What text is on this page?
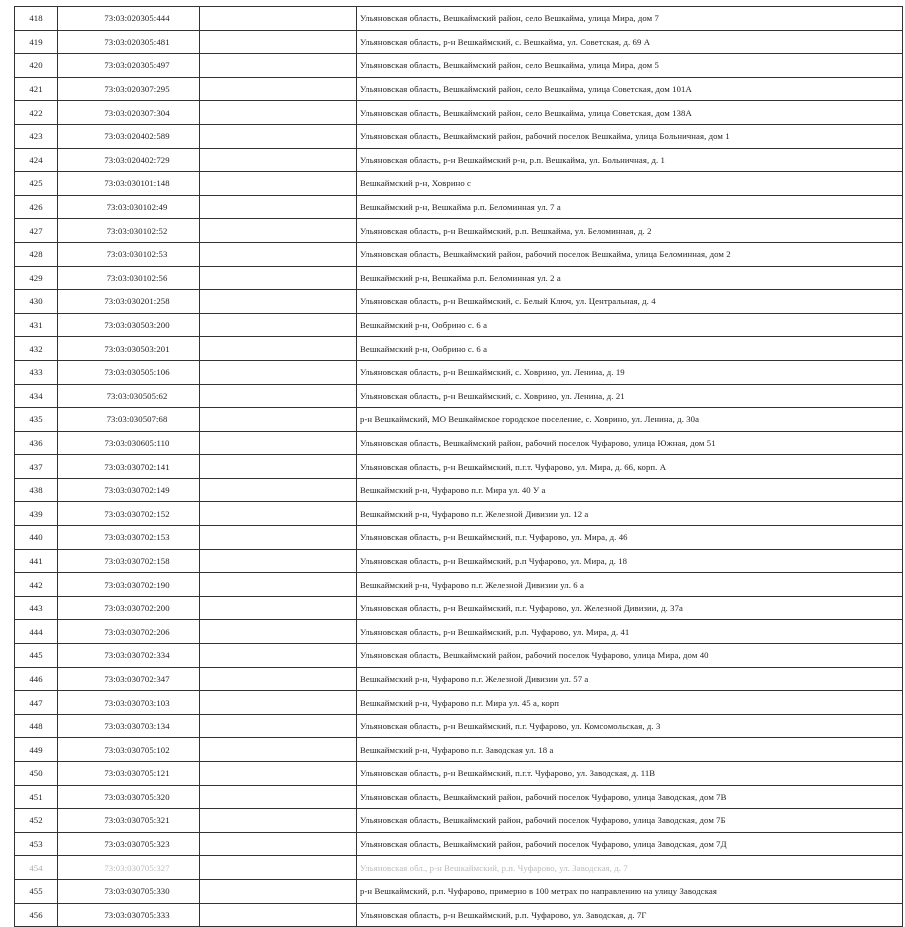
418	73:03:020305:444		Ульяновская область, Вешкаймский район, село Вешкайма, улица Мира, дом 7
419	73:03:020305:481		Ульяновская область, р-н Вешкаймский, с. Вешкайма, ул. Советская, д. 69 А
420	73:03:020305:497		Ульяновская область, Вешкаймский район, село Вешкайма, улица Мира, дом 5
421	73:03:020307:295		Ульяновская область, Вешкаймский район, село Вешкайма, улица Советская, дом 101А
422	73:03:020307:304		Ульяновская область, Вешкаймский район, село Вешкайма, улица Советская, дом 138А
423	73:03:020402:589		Ульяновская область, Вешкаймский район, рабочий поселок Вешкайма, улица Больничная, дом 1
424	73:03:020402:729		Ульяновская область, р-н Вешкаймский р-н, р.п. Вешкайма, ул. Больничная, д. 1
425	73:03:030101:148		Вешкаймский р-н, Ховрино с
426	73:03:030102:49		Вешкаймский р-н, Вешкайма р.п. Беломинная ул. 7 а
427	73:03:030102:52		Ульяновская область, р-н Вешкаймский, р.п. Вешкайма, ул. Беломинная, д. 2
428	73:03:030102:53		Ульяновская область, Вешкаймский район, рабочий поселок Вешкайма, улица Беломинная, дом 2
429	73:03:030102:56		Вешкаймский р-н, Вешкайма р.п. Беломинная ул. 2 а
430	73:03:030201:258		Ульяновская область, р-н Вешкаймский, с. Белый Ключ, ул. Центральная, д. 4
431	73:03:030503:200		Вешкаймский р-н, Ообрино с. 6 а
432	73:03:030503:201		Вешкаймский р-н, Ообрино с. 6 а
433	73:03:030505:106		Ульяновская область, р-н Вешкаймский, с. Ховрино, ул. Ленина, д. 19
434	73:03:030505:62		Ульяновская область, р-н Вешкаймский, с. Ховрино, ул. Ленина, д. 21
435	73:03:030507:68		р-н Вешкаймский, МО Вешкаймское городское поселение, с. Ховрино, ул. Ленина, д. 30а
436	73:03:030605:110		Ульяновская область, Вешкаймский район, рабочий поселок Чуфарово, улица Южная, дом 51
437	73:03:030702:141		Ульяновская область, р-н Вешкаймский, п.г.т. Чуфарово, ул. Мира, д. 66, корп. А
438	73:03:030702:149		Вешкаймский р-н, Чуфарово п.г. Мира ул. 40 У а
439	73:03:030702:152		Вешкаймский р-н, Чуфарово п.г. Железной Дивизии ул. 12 а
440	73:03:030702:153		Ульяновская область, р-н Вешкаймский, п.г. Чуфарово, ул. Мира, д. 46
441	73:03:030702:158		Ульяновская область, р-н Вешкаймский, р.п Чуфарово, ул. Мира, д. 18
442	73:03:030702:190		Вешкаймский р-н, Чуфарово п.г. Железной Дивизии ул. 6 а
443	73:03:030702:200		Ульяновская область, р-н Вешкаймский, п.г. Чуфарово, ул. Железной Дивизии, д. 37а
444	73:03:030702:206		Ульяновская область, р-н Вешкаймский, р.п. Чуфарово, ул. Мира, д. 41
445	73:03:030702:334		Ульяновская область, Вешкаймский район, рабочий поселок Чуфарово, улица Мира, дом 40
446	73:03:030702:347		Вешкаймский р-н, Чуфарово п.г. Железной Дивизии ул. 57 а
447	73:03:030703:103		Вешкаймский р-н, Чуфарово п.г. Мира ул. 45 а, корп
448	73:03:030703:134		Ульяновская область, р-н Вешкаймский, п.г. Чуфарово, ул. Комсомольская, д. 3
449	73:03:030705:102		Вешкаймский р-н, Чуфарово п.г. Заводская ул. 18 а
450	73:03:030705:121		Ульяновская область, р-н Вешкаймский, п.г.т. Чуфарово, ул. Заводская, д. 11В
451	73:03:030705:320		Ульяновская область, Вешкаймский район, рабочий поселок Чуфарово, улица Заводская, дом 7В
452	73:03:030705:321		Ульяновская область, Вешкаймский район, рабочий поселок Чуфарово, улица Заводская, дом 7Б
453	73:03:030705:323		Ульяновская область, Вешкаймский район, рабочий поселок Чуфарово, улица Заводская, дом 7Д
454	73:03:030705:327		Ульяновская обл., р-н Вешкаймский, р.п. Чуфарово, ул. Заводская, д. 7
455	73:03:030705:330		р-н Вешкаймский, р.п. Чуфарово, примерно в 100 метрах по направлению на улицу Заводская
456	73:03:030705:333		Ульяновская область, р-н Вешкаймский, р.п. Чуфарово, ул. Заводская, д. 7Г
